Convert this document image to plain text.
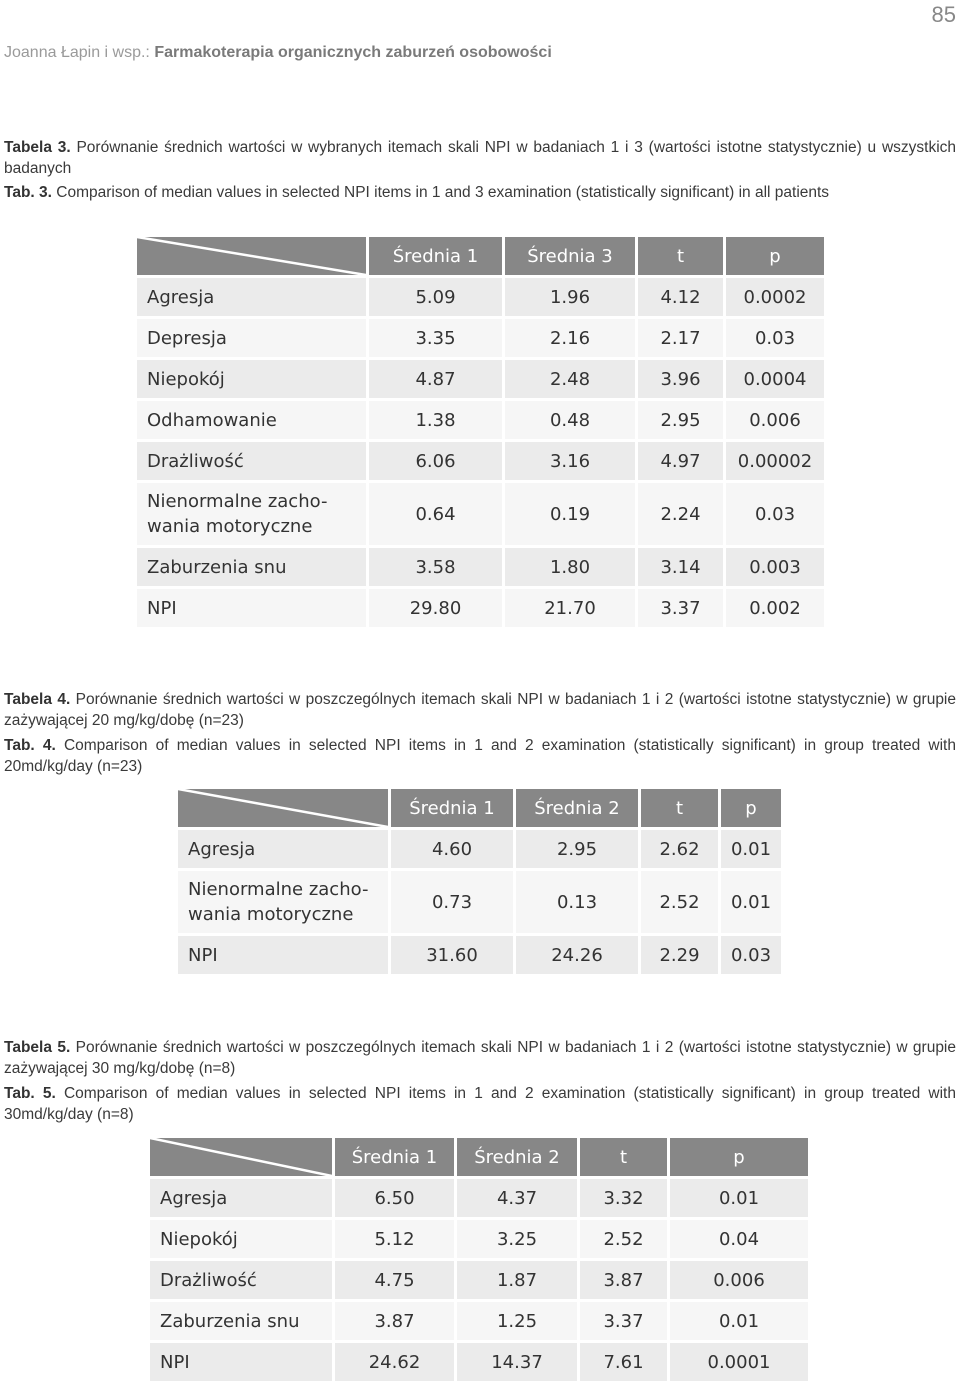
85
Joanna Łapin i wsp.: Farmakoterapia organicznych zaburzeń osobowości
Tabela 3. Porównanie średnich wartości w wybranych itemach skali NPI w badaniach 1 i 3 (wartości istotne statystycznie) u wszystkich badanych
Tab. 3. Comparison of median values in selected NPI items in 1 and 3 examination (statistically significant) in all patients
	Średnia 1	Średnia 3	t	p
Agresja	5.09	1.96	4.12	0.0002
Depresja	3.35	2.16	2.17	0.03
Niepokój	4.87	2.48	3.96	0.0004
Odhamowanie	1.38	0.48	2.95	0.006
Drażliwość	6.06	3.16	4.97	0.00002
Nienormalne zacho-
wania motoryczne	0.64	0.19	2.24	0.03
Zaburzenia snu	3.58	1.80	3.14	0.003
NPI	29.80	21.70	3.37	0.002
Tabela 4. Porównanie średnich wartości w poszczególnych itemach skali NPI w badaniach 1 i 2 (wartości istotne statystycznie) w grupie zażywającej 20 mg/kg/dobę (n=23)
Tab. 4. Comparison of median values in selected NPI items in 1 and 2 examination (statistically significant) in group treated with 20md/kg/day (n=23)
	Średnia 1	Średnia 2	t	p
Agresja	4.60	2.95	2.62	0.01
Nienormalne zacho-
wania motoryczne	0.73	0.13	2.52	0.01
NPI	31.60	24.26	2.29	0.03
Tabela 5. Porównanie średnich wartości w poszczególnych itemach skali NPI w badaniach 1 i 2 (wartości istotne statystycznie) w grupie zażywającej 30 mg/kg/dobę (n=8)
Tab. 5. Comparison of median values in selected NPI items in 1 and 2 examination (statistically significant) in group treated with 30md/kg/day (n=8)
	Średnia 1	Średnia 2	t	p
Agresja	6.50	4.37	3.32	0.01
Niepokój	5.12	3.25	2.52	0.04
Drażliwość	4.75	1.87	3.87	0.006
Zaburzenia snu	3.87	1.25	3.37	0.01
NPI	24.62	14.37	7.61	0.0001
